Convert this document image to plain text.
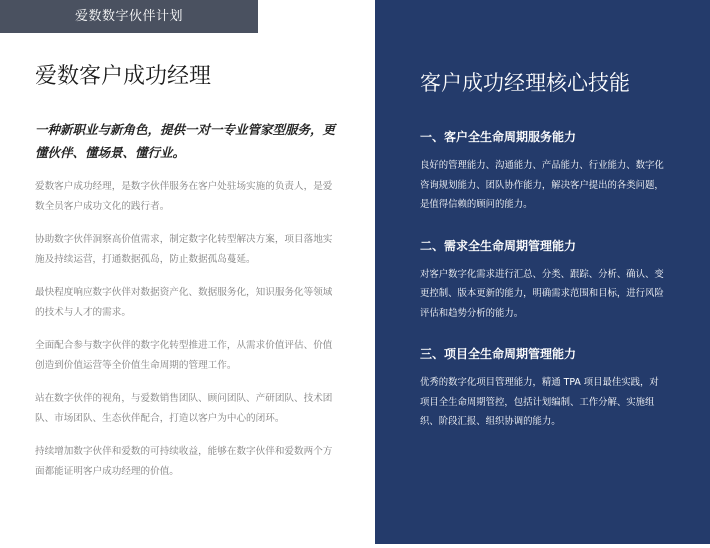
爱数数字伙伴计划
爱数客户成功经理

一种新职业与新角色，提供一对一专业管家型服务，更懂伙伴、懂场景、懂行业。

爱数客户成功经理，是数字伙伴服务在客户处驻场实施的负责人，是爱数全员客户成功文化的践行者。

协助数字伙伴洞察高价值需求，制定数字化转型解决方案，项目落地实施及持续运营，打通数据孤岛，防止数据孤岛蔓延。

最快程度响应数字伙伴对数据资产化、数据服务化，知识服务化等领域的技术与人才的需求。

全面配合参与数字伙伴的数字化转型推进工作，从需求价值评估、价值创造到价值运营等全价值生命周期的管理工作。

站在数字伙伴的视角，与爱数销售团队、顾问团队、产研团队、技术团队、市场团队、生态伙伴配合，打造以客户为中心的闭环。

持续增加数字伙伴和爱数的可持续收益，能够在数字伙伴和爱数两个方面都能证明客户成功经理的价值。

客户成功经理核心技能
一、客户全生命周期服务能力
良好的管理能力、沟通能力、产品能力、行业能力、数字化咨询规划能力、团队协作能力，解决客户提出的各类问题，是值得信赖的顾问的能力。
二、需求全生命周期管理能力
对客户数字化需求进行汇总、分类、跟踪、分析、确认、变更控制、版本更新的能力，明确需求范围和目标，进行风险评估和趋势分析的能力。
三、项目全生命周期管理能力
优秀的数字化项目管理能力，精通 TPA 项目最佳实践，对项目全生命周期管控，包括计划编制、工作分解、实施组织、阶段汇报、组织协调的能力。
